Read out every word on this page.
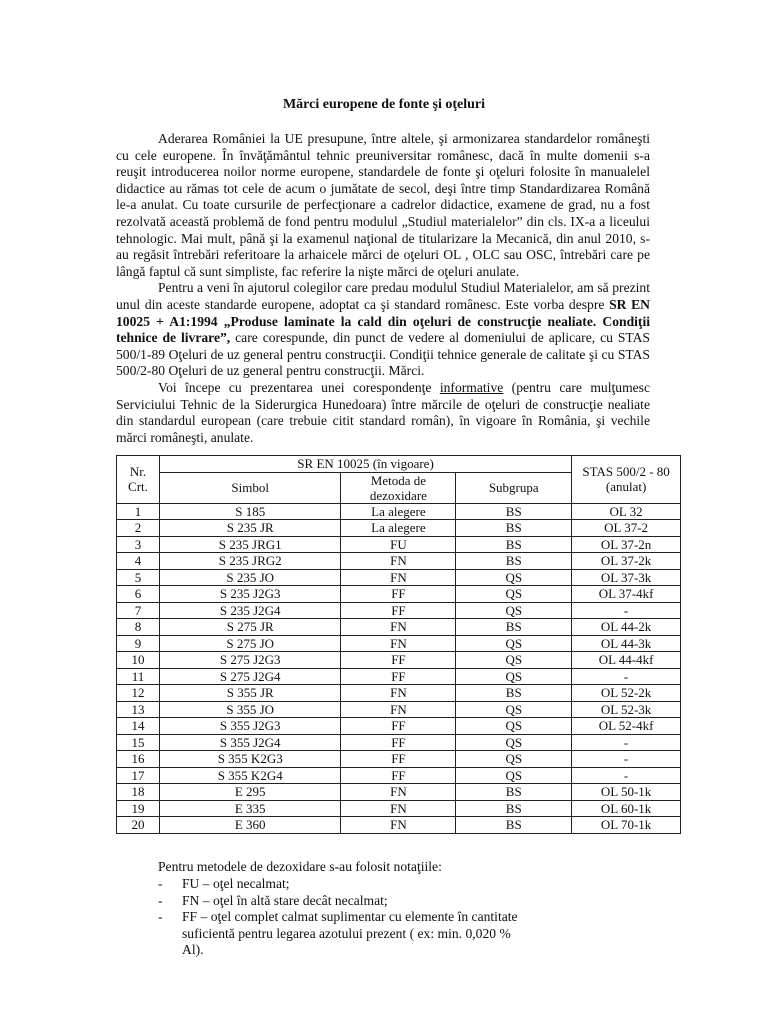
Mărci europene de fonte şi oţeluri

Aderarea României la UE presupune, între altele, şi armonizarea standardelor româneşti cu cele europene. În învăţământul tehnic preuniversitar românesc, dacă în multe domenii s-a reuşit introducerea noilor norme europene, standardele de fonte şi oţeluri folosite în manualelel didactice au rămas tot cele de acum o jumătate de secol, deşi între timp Standardizarea Română le-a anulat. Cu toate cursurile de perfecţionare a cadrelor didactice, examene de grad, nu a fost rezolvată această problemă de fond pentru modulul „Studiul materialelor” din cls. IX-a a liceului tehnologic. Mai mult, până şi la examenul naţional de titularizare la Mecanică, din anul 2010, s-au regăsit întrebări referitoare la arhaicele mărci de oţeluri OL , OLC sau OSC, întrebări care pe lângă faptul că sunt simpliste, fac referire la nişte mărci de oţeluri anulate.

Pentru a veni în ajutorul colegilor care predau modulul Studiul Materialelor, am să prezint unul din aceste standarde europene, adoptat ca şi standard românesc. Este vorba despre SR EN 10025 + A1:1994 „Produse laminate la cald din oţeluri de construcţie nealiate. Condiţii tehnice de livrare”, care corespunde, din punct de vedere al domeniului de aplicare, cu STAS 500/1-89 Oţeluri de uz general pentru construcţii. Condiţii tehnice generale de calitate şi cu STAS 500/2-80 Oţeluri de uz general pentru construcţii. Mărci.

Voi începe cu prezentarea unei corespondenţe informative (pentru care mulţumesc Serviciului Tehnic de la Siderurgica Hunedoara) între mărcile de oţeluri de construcţie nealiate din standardul european (care trebuie citit standard român), în vigoare în România, şi vechile mărci româneşti, anulate.

Nr. Crt.	SR EN 10025 (în vigoare)			STAS 500/2 - 80 (anulat)
	Simbol	Metoda de dezoxidare	Subgrupa	
1	S 185	La alegere	BS	OL 32
2	S 235 JR	La alegere	BS	OL 37-2
3	S 235 JRG1	FU	BS	OL 37-2n
4	S 235 JRG2	FN	BS	OL 37-2k
5	S 235 JO	FN	QS	OL 37-3k
6	S 235 J2G3	FF	QS	OL 37-4kf
7	S 235 J2G4	FF	QS	-
8	S 275 JR	FN	BS	OL 44-2k
9	S 275 JO	FN	QS	OL 44-3k
10	S 275 J2G3	FF	QS	OL 44-4kf
11	S 275 J2G4	FF	QS	-
12	S 355 JR	FN	BS	OL 52-2k
13	S 355 JO	FN	QS	OL 52-3k
14	S 355 J2G3	FF	QS	OL 52-4kf
15	S 355 J2G4	FF	QS	-
16	S 355 K2G3	FF	QS	-
17	S 355 K2G4	FF	QS	-
18	E 295	FN	BS	OL 50-1k
19	E 335	FN	BS	OL 60-1k
20	E 360	FN	BS	OL 70-1k

Pentru metodele de dezoxidare s-au folosit notaţiile:

- FU – oţel necalmat;
- FN – oţel în altă stare decât necalmat;
- FF – oţel complet calmat suplimentar cu elemente în cantitate suficientă pentru legarea azotului prezent ( ex: min. 0,020 % Al).
